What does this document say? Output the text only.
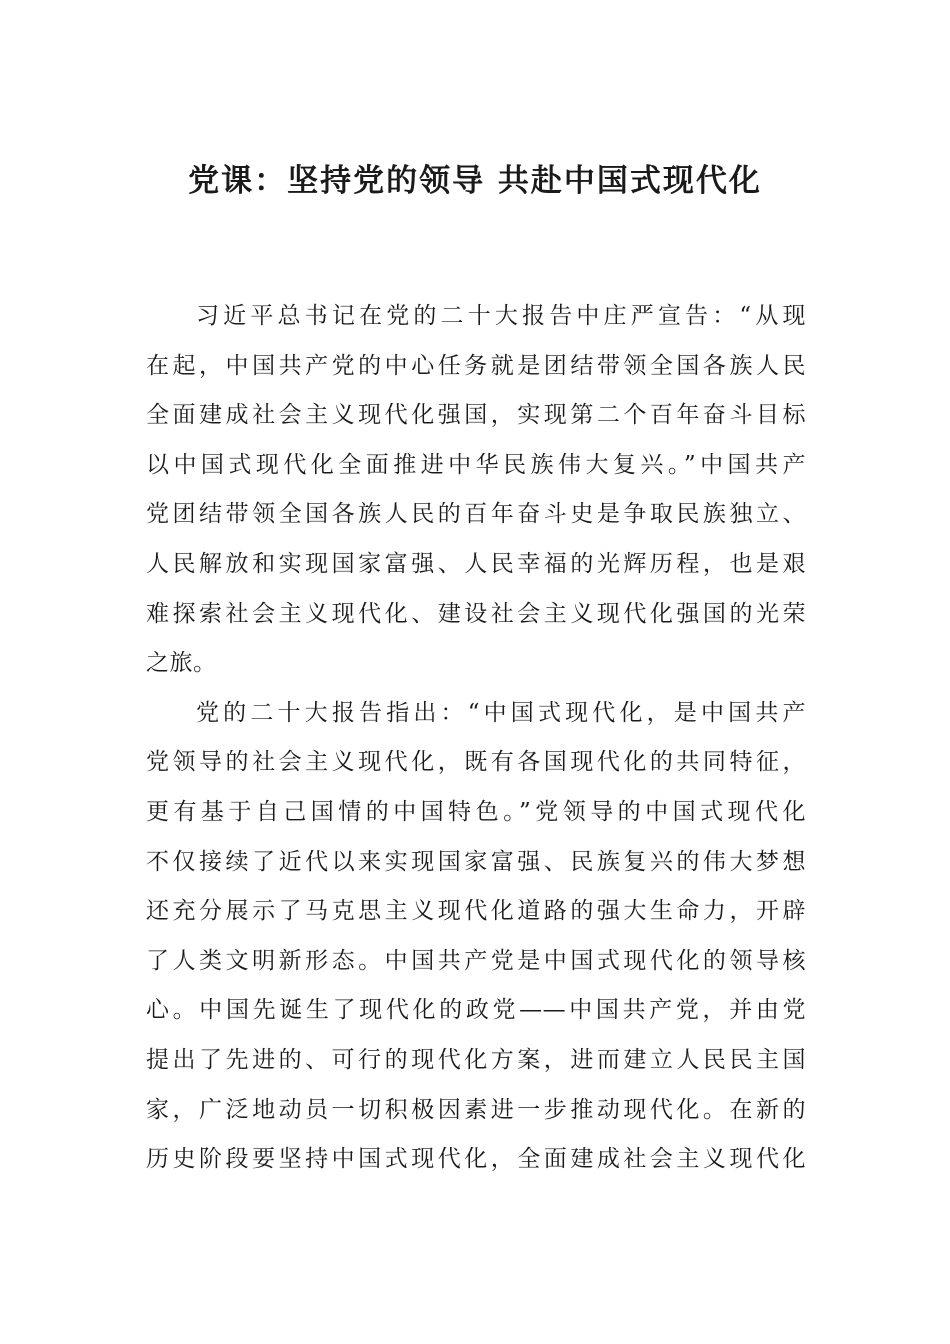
党课：坚持党的领导 共赴中国式现代化
习近平总书记在党的二十大报告中庄严宣告：“从现
在起，中国共产党的中心任务就是团结带领全国各族人民
全面建成社会主义现代化强国，实现第二个百年奋斗目标
以中国式现代化全面推进中华民族伟大复兴。”中国共产
党团结带领全国各族人民的百年奋斗史是争取民族独立、
人民解放和实现国家富强、人民幸福的光辉历程，也是艰
难探索社会主义现代化、建设社会主义现代化强国的光荣
之旅。
党的二十大报告指出：“中国式现代化，是中国共产
党领导的社会主义现代化，既有各国现代化的共同特征，
更有基于自己国情的中国特色。”党领导的中国式现代化
不仅接续了近代以来实现国家富强、民族复兴的伟大梦想
还充分展示了马克思主义现代化道路的强大生命力，开辟
了人类文明新形态。中国共产党是中国式现代化的领导核
心。中国先诞生了现代化的政党——中国共产党，并由党
提出了先进的、可行的现代化方案，进而建立人民民主国
家，广泛地动员一切积极因素进一步推动现代化。在新的
历史阶段要坚持中国式现代化，全面建成社会主义现代化
